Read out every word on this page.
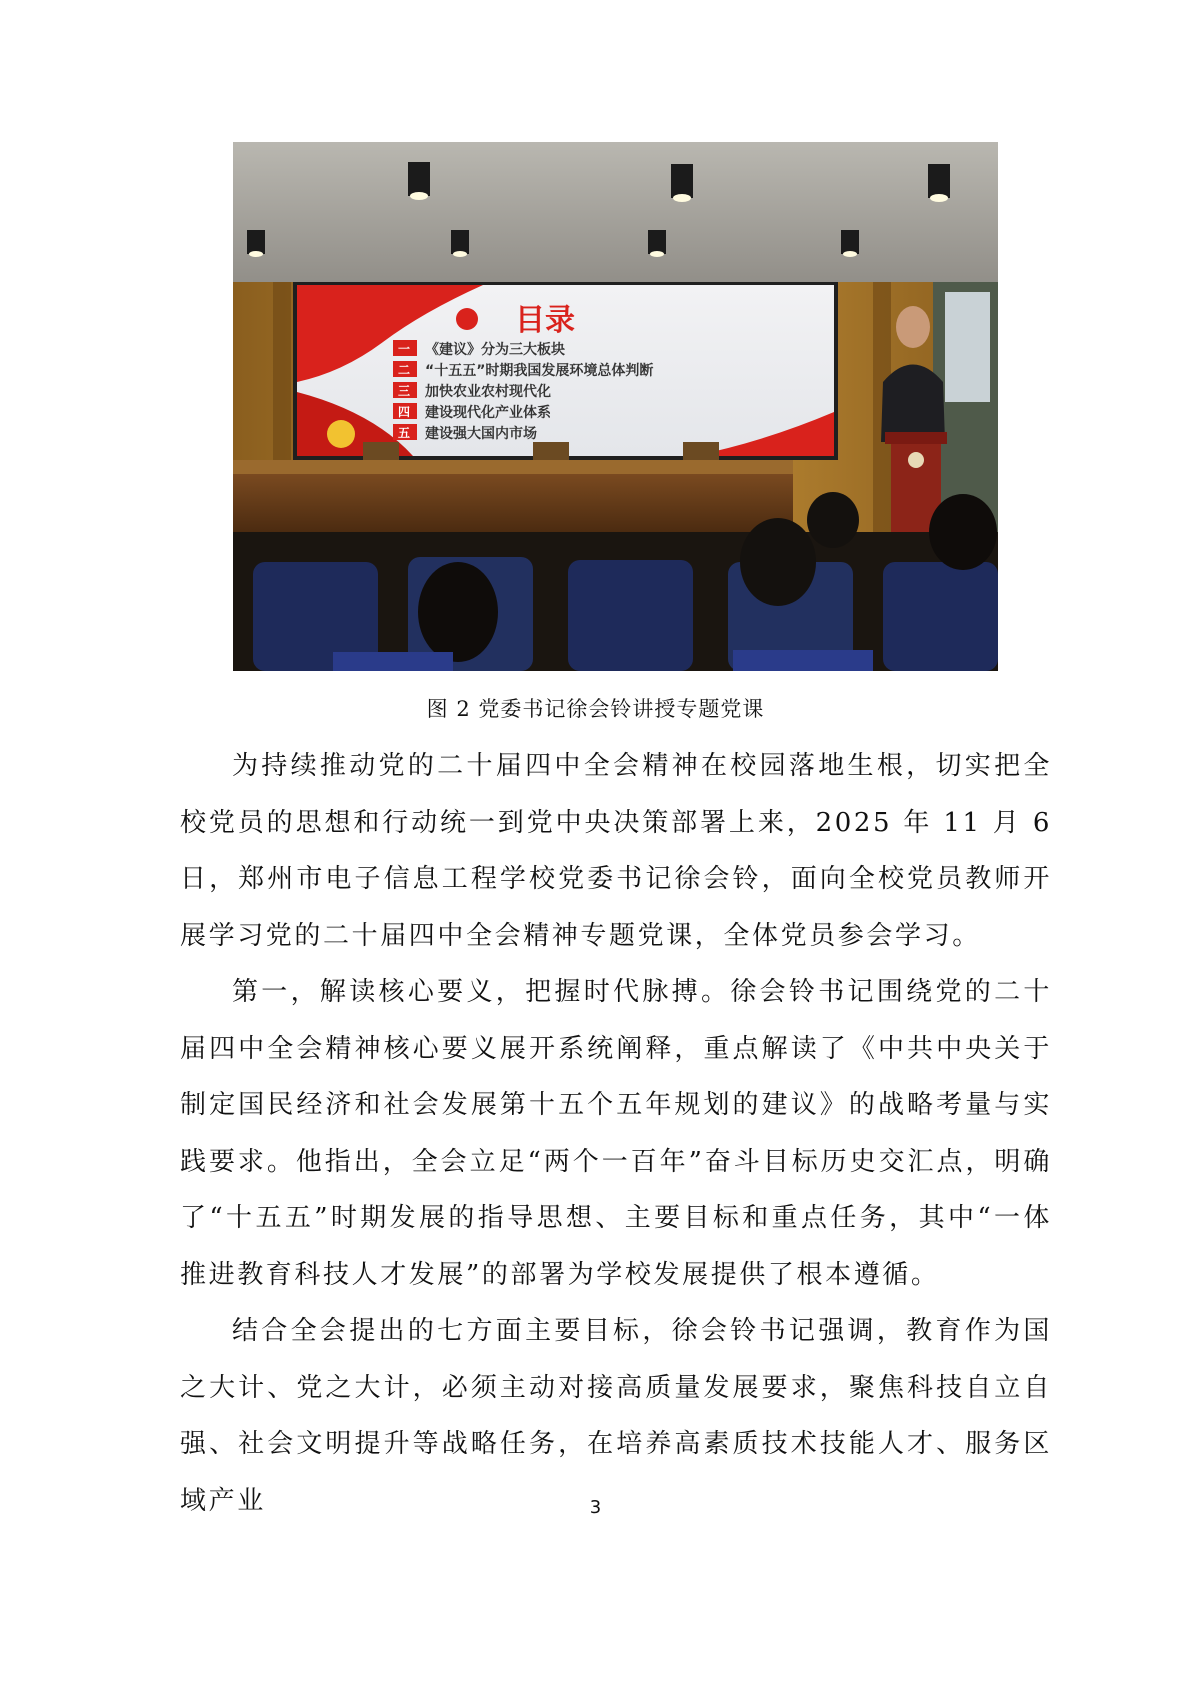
目录
一 《建议》分为三大板块
二 “十五五”时期我国发展环境总体判断
三 加快农业农村现代化
四 建设现代化产业体系
五 建设强大国内市场
图 2 党委书记徐会铃讲授专题党课

为持续推动党的二十届四中全会精神在校园落地生根，切实把全校党员的思想和行动统一到党中央决策部署上来，2025 年 11 月 6 日，郑州市电子信息工程学校党委书记徐会铃，面向全校党员教师开展学习党的二十届四中全会精神专题党课，全体党员参会学习。

第一，解读核心要义，把握时代脉搏。徐会铃书记围绕党的二十届四中全会精神核心要义展开系统阐释，重点解读了《中共中央关于制定国民经济和社会发展第十五个五年规划的建议》的战略考量与实践要求。他指出，全会立足“两个一百年”奋斗目标历史交汇点，明确了“十五五”时期发展的指导思想、主要目标和重点任务，其中“一体推进教育科技人才发展”的部署为学校发展提供了根本遵循。

结合全会提出的七方面主要目标，徐会铃书记强调，教育作为国之大计、党之大计，必须主动对接高质量发展要求，聚焦科技自立自强、社会文明提升等战略任务，在培养高素质技术技能人才、服务区域产业	3
